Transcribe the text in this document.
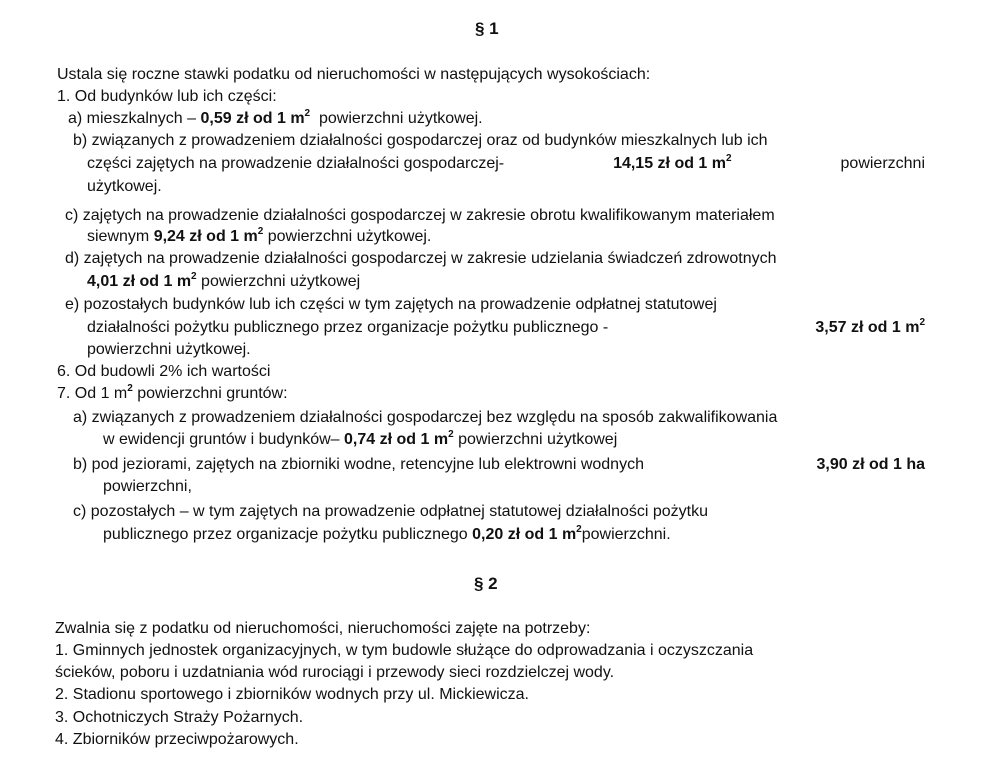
§ 1
Ustala się roczne stawki podatku od nieruchomości w następujących wysokościach:
1. Od budynków lub ich części:
a) mieszkalnych – 0,59 zł od 1 $m^2$ powierzchni użytkowej.
b) związanych z prowadzeniem działalności gospodarczej oraz od budynków mieszkalnych lub ich
części zajętych na prowadzenie działalności gospodarczej-	14,15 zł od 1 $m^2$	powierzchni
użytkowej.
c) zajętych na prowadzenie działalności gospodarczej w zakresie obrotu kwalifikowanym materiałem
siewnym 9,24 zł od 1 $m^2$ powierzchni użytkowej.
d) zajętych na prowadzenie działalności gospodarczej w zakresie udzielania świadczeń zdrowotnych
4,01 zł od 1 $m^2$ powierzchni użytkowej
e) pozostałych budynków lub ich części w tym zajętych na prowadzenie odpłatnej statutowej
działalności pożytku publicznego przez organizacje pożytku publicznego -	3,57 zł od 1 $m^2$
powierzchni użytkowej.
6. Od budowli 2% ich wartości
7. Od 1 $m^2$ powierzchni gruntów:
a) związanych z prowadzeniem działalności gospodarczej bez względu na sposób zakwalifikowania
w ewidencji gruntów i budynków– 0,74 zł od 1 $m^2$ powierzchni użytkowej
b) pod jeziorami, zajętych na zbiorniki wodne, retencyjne lub elektrowni wodnych	3,90 zł od 1 ha
powierzchni,
c) pozostałych – w tym zajętych na prowadzenie odpłatnej statutowej działalności pożytku
publicznego przez organizacje pożytku publicznego 0,20 zł od 1 $m^2powierzchni$.
§ 2
Zwalnia się z podatku od nieruchomości, nieruchomości zajęte na potrzeby:
1. Gminnych jednostek organizacyjnych, w tym budowle służące do odprowadzania i oczyszczania
ścieków, poboru i uzdatniania wód rurociągi i przewody sieci rozdzielczej wody.
2. Stadionu sportowego i zbiorników wodnych przy ul. Mickiewicza.
3. Ochotniczych Straży Pożarnych.
4. Zbiorników przeciwpożarowych.
